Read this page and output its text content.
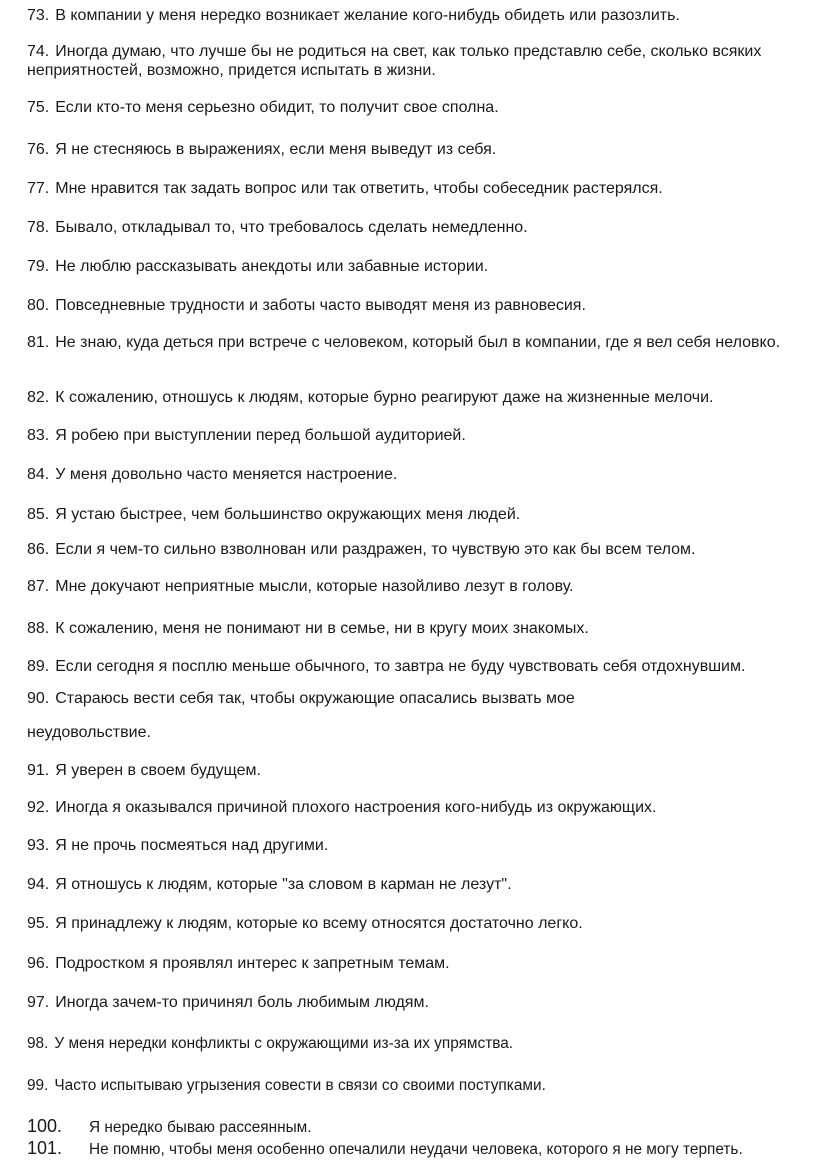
73. В компании у меня нередко возникает желание кого-нибудь обидеть или разозлить.
74. Иногда думаю, что лучше бы не родиться на свет, как только представлю себе, сколько всяких неприятностей, возможно, придется испытать в жизни.
75. Если кто-то меня серьезно обидит, то получит свое сполна.
76. Я не стесняюсь в выражениях, если меня выведут из себя.
77. Мне нравится так задать вопрос или так ответить, чтобы собеседник растерялся.
78. Бывало, откладывал то, что требовалось сделать немедленно.
79. Не люблю рассказывать анекдоты или забавные истории.
80. Повседневные трудности и заботы часто выводят меня из равновесия.
81. Не знаю, куда деться при встрече с человеком, который был в компании, где я вел себя неловко.
82. К сожалению, отношусь к людям, которые бурно реагируют даже на жизненные мелочи.
83. Я робею при выступлении перед большой аудиторией.
84. У меня довольно часто меняется настроение.
85. Я устаю быстрее, чем большинство окружающих меня людей.
86. Если я чем-то сильно взволнован или раздражен, то чувствую это как бы всем телом.
87. Мне докучают неприятные мысли, которые назойливо лезут в голову.
88. К сожалению, меня не понимают ни в семье, ни в кругу моих знакомых.
89. Если сегодня я посплю меньше обычного, то завтра не буду чувствовать себя отдохнувшим.
90. Стараюсь вести себя так, чтобы окружающие опасались вызвать мое
неудовольствие.
91. Я уверен в своем будущем.
92. Иногда я оказывался причиной плохого настроения кого-нибудь из окружающих.
93. Я не прочь посмеяться над другими.
94. Я отношусь к людям, которые "за словом в карман не лезут".
95. Я принадлежу к людям, которые ко всему относятся достаточно легко.
96. Подростком я проявлял интерес к запретным темам.
97. Иногда зачем-то причинял боль любимым людям.
98. У меня нередки конфликты с окружающими из-за их упрямства.
99. Часто испытываю угрызения совести в связи со своими поступками.
100. Я нередко бываю рассеянным.
101. Не помню, чтобы меня особенно опечалили неудачи человека, которого я не могу терпеть.
